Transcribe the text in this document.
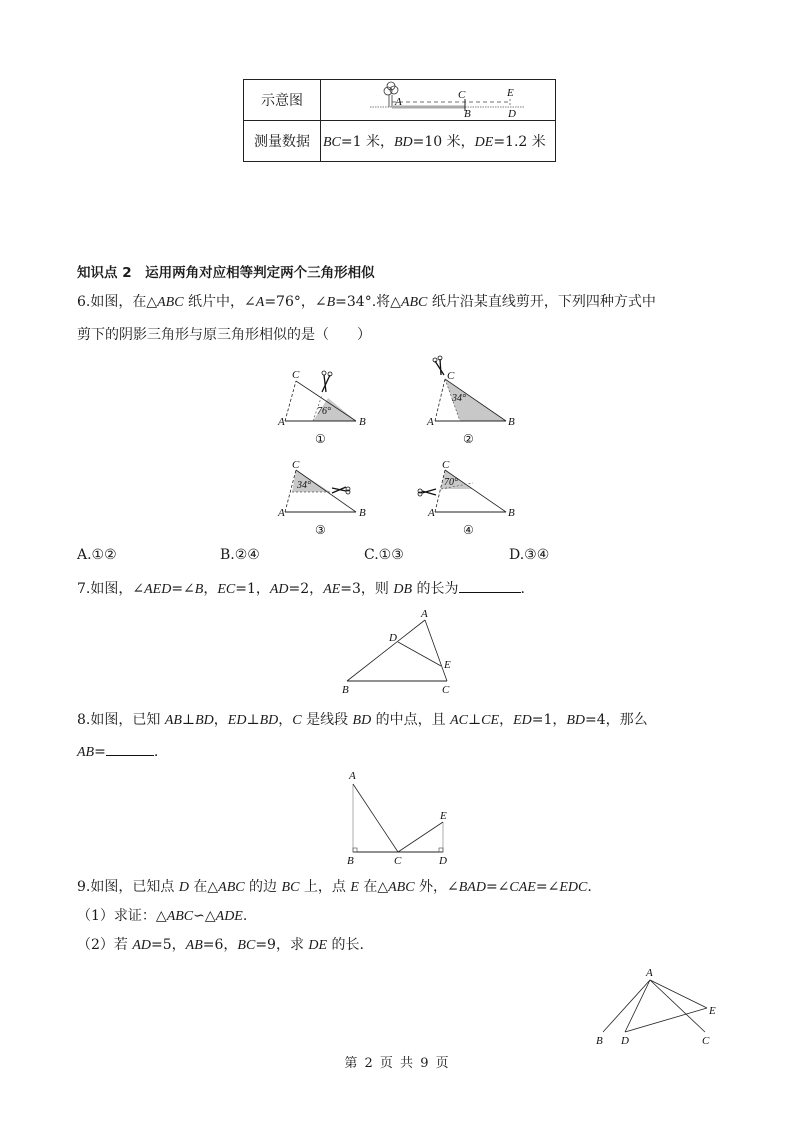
示意图	A
C E
B D

测量数据	BC=1 米，BD=10 米，DE=1.2 米
知识点 2　运用两角对应相等判定两个三角形相似
6.如图，在△ABC 纸片中，∠A=76°，∠B=34°.将△ABC 纸片沿某直线剪开，下列四种方式中
剪下的阴影三角形与原三角形相似的是（　　）
C
A	B
76°
①
C
A	B
34°
②
C
A	B
34°
③
C
A	B
70°
④
A.①②	B.②④	C.①③	D.③④
7.如图，∠AED=∠B，EC=1，AD=2，AE=3，则 DB 的长为	.
A
D
E
B	C
8.如图，已知 AB⊥BD，ED⊥BD，C 是线段 BD 的中点，且 AC⊥CE，ED=1，BD=4，那么
AB=	.
A
E
B	C	D
9.如图，已知点 D 在△ABC 的边 BC 上，点 E 在△ABC 外，∠BAD=∠CAE=∠EDC.
（1）求证：△ABC∽△ADE.
（2）若 AD=5，AB=6，BC=9，求 DE 的长.
A
E
B D	C
第 2 页 共 9 页
